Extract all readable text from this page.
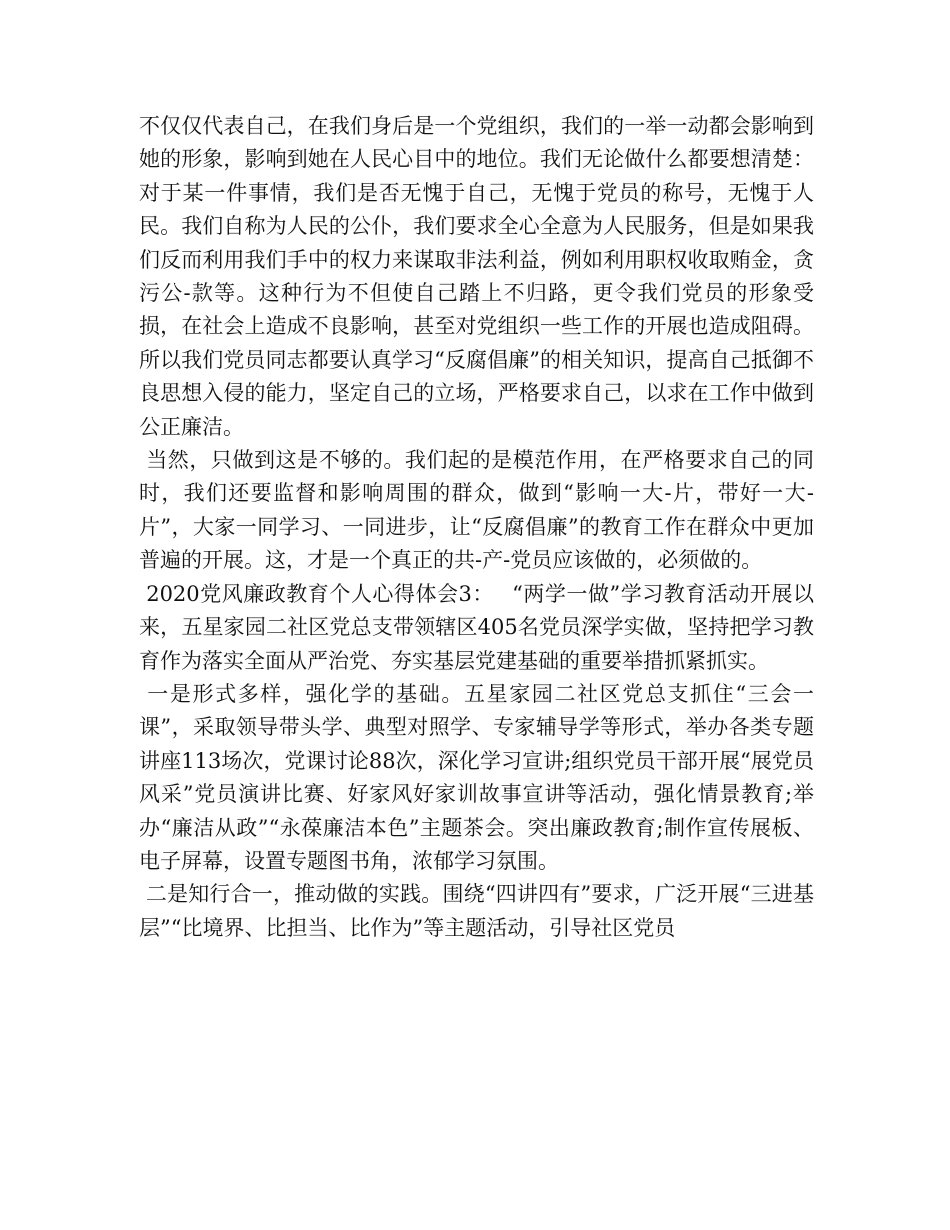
不仅仅代表自己，在我们身后是一个党组织，我们的一举一动都会影响到她的形象，影响到她在人民心目中的地位。我们无论做什么都要想清楚：对于某一件事情，我们是否无愧于自己，无愧于党员的称号，无愧于人民。我们自称为人民的公仆，我们要求全心全意为人民服务，但是如果我们反而利用我们手中的权力来谋取非法利益，例如利用职权收取贿金，贪污公-款等。这种行为不但使自己踏上不归路，更令我们党员的形象受损，在社会上造成不良影响，甚至对党组织一些工作的开展也造成阻碍。所以我们党员同志都要认真学习“反腐倡廉”的相关知识，提高自己抵御不良思想入侵的能力，坚定自己的立场，严格要求自己，以求在工作中做到公正廉洁。

当然，只做到这是不够的。我们起的是模范作用，在严格要求自己的同时，我们还要监督和影响周围的群众，做到“影响一大-片，带好一大-片”，大家一同学习、一同进步，让“反腐倡廉”的教育工作在群众中更加普遍的开展。这，才是一个真正的共-产-党员应该做的，必须做的。

2020党风廉政教育个人心得体会3：　 “两学一做”学习教育活动开展以来，五星家园二社区党总支带领辖区405名党员深学实做，坚持把学习教育作为落实全面从严治党、夯实基层党建基础的重要举措抓紧抓实。

一是形式多样，强化学的基础。五星家园二社区党总支抓住“三会一课”，采取领导带头学、典型对照学、专家辅导学等形式，举办各类专题讲座113场次，党课讨论88次，深化学习宣讲;组织党员干部开展“展党员风采”党员演讲比赛、好家风好家训故事宣讲等活动，强化情景教育;举办“廉洁从政”“永葆廉洁本色”主题茶会。突出廉政教育;制作宣传展板、电子屏幕，设置专题图书角，浓郁学习氛围。

二是知行合一，推动做的实践。围绕“四讲四有”要求，广泛开展“三进基层”“比境界、比担当、比作为”等主题活动，引导社区党员
